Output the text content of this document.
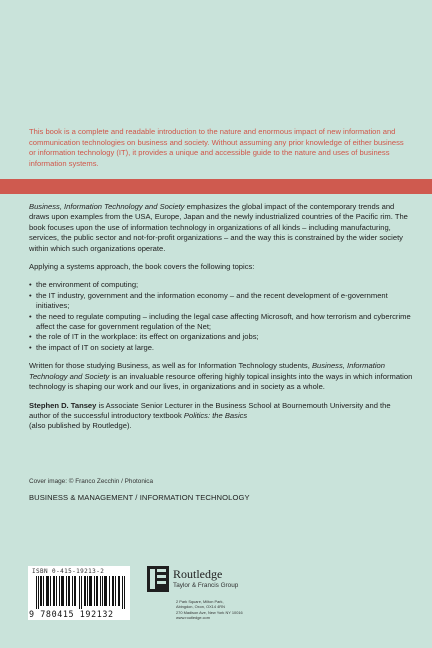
This book is a complete and readable introduction to the nature and enormous impact of new information and communication technologies on business and society. Without assuming any prior knowledge of either business or information technology (IT), it provides a unique and accessible guide to the nature and uses of business information systems.

Business, Information Technology and Society emphasizes the global impact of the contemporary trends and draws upon examples from the USA, Europe, Japan and the newly industrialized countries of the Pacific rim. The book focuses upon the use of information technology in organizations of all kinds – including manufacturing, services, the public sector and not-for-profit organizations – and the way this is constrained by the wider society within which such organizations operate.

Applying a systems approach, the book covers the following topics:

• the environment of computing;
• the IT industry, government and the information economy – and the recent development of e-government initiatives;
• the need to regulate computing – including the legal case affecting Microsoft, and how terrorism and cybercrime affect the case for government regulation of the Net;
• the role of IT in the workplace: its effect on organizations and jobs;
• the impact of IT on society at large.

Written for those studying Business, as well as for Information Technology students, Business, Information Technology and Society is an invaluable resource offering highly topical insights into the ways in which information technology is shaping our work and our lives, in organizations and in society as a whole.

Stephen D. Tansey is Associate Senior Lecturer in the Business School at Bournemouth University and the author of the successful introductory textbook Politics: the Basics
(also published by Routledge).

Cover image: © Franco Zecchin / Photonica
BUSINESS & MANAGEMENT / INFORMATION TECHNOLOGY
ISBN 0-415-19213-2
9 780415 192132
Routledge
Taylor & Francis Group
2 Park Square, Milton Park,
Abingdon, Oxon, OX14 4RN
270 Madison Ave, New York NY 10016
www.routledge.com
